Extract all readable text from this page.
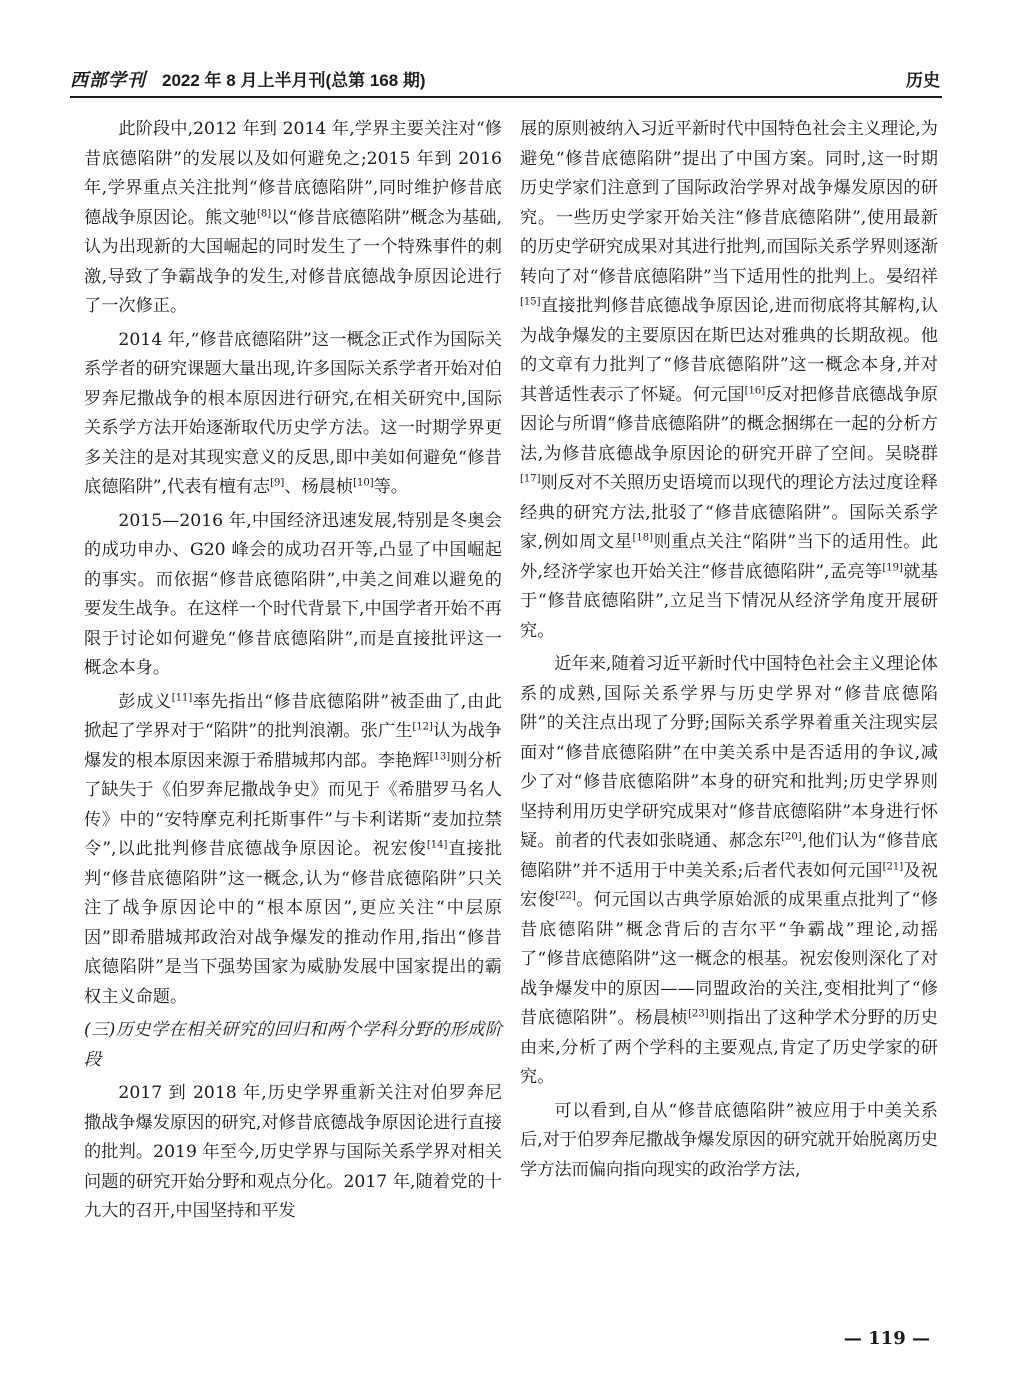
西部学刊 2022 年 8 月上半月刊(总第 168 期)	历史

此阶段中,2012 年到 2014 年,学界主要关注对“修昔底德陷阱”的发展以及如何避免之;2015 年到 2016 年,学界重点关注批判“修昔底德陷阱”,同时维护修昔底德战争原因论。熊文驰[8]以“修昔底德陷阱”概念为基础,认为出现新的大国崛起的同时发生了一个特殊事件的刺激,导致了争霸战争的发生,对修昔底德战争原因论进行了一次修正。

2014 年,“修昔底德陷阱”这一概念正式作为国际关系学者的研究课题大量出现,许多国际关系学者开始对伯罗奔尼撒战争的根本原因进行研究,在相关研究中,国际关系学方法开始逐渐取代历史学方法。这一时期学界更多关注的是对其现实意义的反思,即中美如何避免“修昔底德陷阱”,代表有檀有志[9]、杨晨桢[10]等。

2015—2016 年,中国经济迅速发展,特别是冬奥会的成功申办、G20 峰会的成功召开等,凸显了中国崛起的事实。而依据“修昔底德陷阱”,中美之间难以避免的要发生战争。在这样一个时代背景下,中国学者开始不再限于讨论如何避免“修昔底德陷阱”,而是直接批评这一概念本身。

彭成义[11]率先指出“修昔底德陷阱”被歪曲了,由此掀起了学界对于“陷阱”的批判浪潮。张广生[12]认为战争爆发的根本原因来源于希腊城邦内部。李艳辉[13]则分析了缺失于《伯罗奔尼撒战争史》而见于《希腊罗马名人传》中的“安特摩克利托斯事件”与卡利诺斯“麦加拉禁令”,以此批判修昔底德战争原因论。祝宏俊[14]直接批判“修昔底德陷阱”这一概念,认为“修昔底德陷阱”只关注了战争原因论中的“根本原因”,更应关注“中层原因”即希腊城邦政治对战争爆发的推动作用,指出“修昔底德陷阱”是当下强势国家为威胁发展中国家提出的霸权主义命题。

(三)历史学在相关研究的回归和两个学科分野的形成阶段

2017 到 2018 年,历史学界重新关注对伯罗奔尼撒战争爆发原因的研究,对修昔底德战争原因论进行直接的批判。2019 年至今,历史学界与国际关系学界对相关问题的研究开始分野和观点分化。2017 年,随着党的十九大的召开,中国坚持和平发

展的原则被纳入习近平新时代中国特色社会主义理论,为避免“修昔底德陷阱”提出了中国方案。同时,这一时期历史学家们注意到了国际政治学界对战争爆发原因的研究。一些历史学家开始关注“修昔底德陷阱”,使用最新的历史学研究成果对其进行批判,而国际关系学界则逐渐转向了对“修昔底德陷阱”当下适用性的批判上。晏绍祥[15]直接批判修昔底德战争原因论,进而彻底将其解构,认为战争爆发的主要原因在斯巴达对雅典的长期敌视。他的文章有力批判了“修昔底德陷阱”这一概念本身,并对其普适性表示了怀疑。何元国[16]反对把修昔底德战争原因论与所谓“修昔底德陷阱”的概念捆绑在一起的分析方法,为修昔底德战争原因论的研究开辟了空间。吴晓群[17]则反对不关照历史语境而以现代的理论方法过度诠释经典的研究方法,批驳了“修昔底德陷阱”。国际关系学家,例如周文星[18]则重点关注“陷阱”当下的适用性。此外,经济学家也开始关注“修昔底德陷阱”,孟亮等[19]就基于“修昔底德陷阱”,立足当下情况从经济学角度开展研究。

近年来,随着习近平新时代中国特色社会主义理论体系的成熟,国际关系学界与历史学界对“修昔底德陷阱”的关注点出现了分野;国际关系学界着重关注现实层面对“修昔底德陷阱”在中美关系中是否适用的争议,减少了对“修昔底德陷阱”本身的研究和批判;历史学界则坚持利用历史学研究成果对“修昔底德陷阱”本身进行怀疑。前者的代表如张晓通、郝念东[20],他们认为“修昔底德陷阱”并不适用于中美关系;后者代表如何元国[21]及祝宏俊[22]。何元国以古典学原始派的成果重点批判了“修昔底德陷阱”概念背后的吉尔平“争霸战”理论,动摇了“修昔底德陷阱”这一概念的根基。祝宏俊则深化了对战争爆发中的原因——同盟政治的关注,变相批判了“修昔底德陷阱”。杨晨桢[23]则指出了这种学术分野的历史由来,分析了两个学科的主要观点,肯定了历史学家的研究。

可以看到,自从“修昔底德陷阱”被应用于中美关系后,对于伯罗奔尼撒战争爆发原因的研究就开始脱离历史学方法而偏向指向现实的政治学方法,

— 119 —
